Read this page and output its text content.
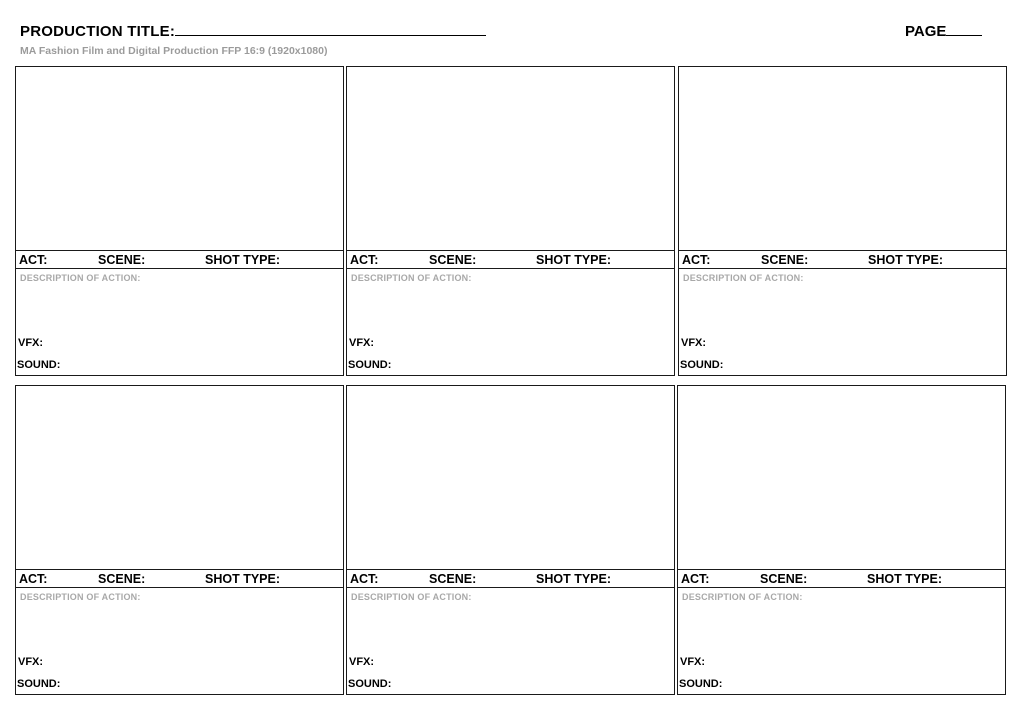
PRODUCTION TITLE:	PAGE
MA Fashion Film and Digital Production FFP 16:9 (1920x1080)
ACT:	SCENE:	SHOT TYPE:
DESCRIPTION OF ACTION:
VFX:
SOUND:
ACT:	SCENE:	SHOT TYPE:
DESCRIPTION OF ACTION:
VFX:
SOUND:
ACT:	SCENE:	SHOT TYPE:
DESCRIPTION OF ACTION:
VFX:
SOUND:
ACT:	SCENE:	SHOT TYPE:
DESCRIPTION OF ACTION:
VFX:
SOUND:
ACT:	SCENE:	SHOT TYPE:
DESCRIPTION OF ACTION:
VFX:
SOUND:
ACT:	SCENE:	SHOT TYPE:
DESCRIPTION OF ACTION:
VFX:
SOUND:
